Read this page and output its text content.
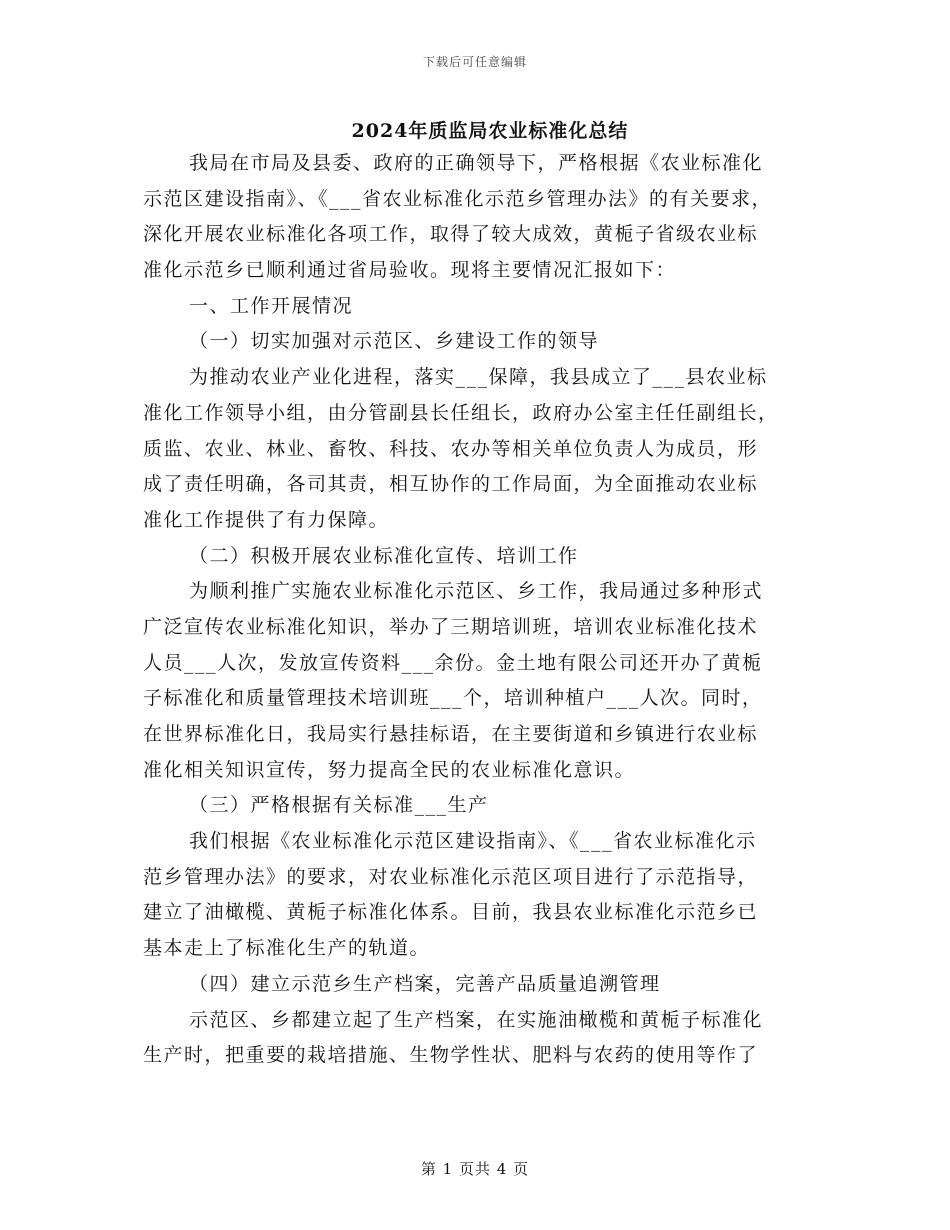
下载后可任意编辑
2024年质监局农业标准化总结
我局在市局及县委、政府的正确领导下，严格根据《农业标准化
示范区建设指南》、《___省农业标准化示范乡管理办法》的有关要求，
深化开展农业标准化各项工作，取得了较大成效，黄栀子省级农业标
准化示范乡已顺利通过省局验收。现将主要情况汇报如下：
一、工作开展情况
（一）切实加强对示范区、乡建设工作的领导
为推动农业产业化进程，落实___保障，我县成立了___县农业标
准化工作领导小组，由分管副县长任组长，政府办公室主任任副组长，
质监、农业、林业、畜牧、科技、农办等相关单位负责人为成员，形
成了责任明确，各司其责，相互协作的工作局面，为全面推动农业标
准化工作提供了有力保障。
（二）积极开展农业标准化宣传、培训工作
为顺利推广实施农业标准化示范区、乡工作，我局通过多种形式
广泛宣传农业标准化知识，举办了三期培训班，培训农业标准化技术
人员___人次，发放宣传资料___余份。金土地有限公司还开办了黄栀
子标准化和质量管理技术培训班___个，培训种植户___人次。同时，
在世界标准化日，我局实行悬挂标语，在主要街道和乡镇进行农业标
准化相关知识宣传，努力提高全民的农业标准化意识。
（三）严格根据有关标准___生产
我们根据《农业标准化示范区建设指南》、《___省农业标准化示
范乡管理办法》的要求，对农业标准化示范区项目进行了示范指导，
建立了油橄榄、黄栀子标准化体系。目前，我县农业标准化示范乡已
基本走上了标准化生产的轨道。
（四）建立示范乡生产档案，完善产品质量追溯管理
示范区、乡都建立起了生产档案，在实施油橄榄和黄栀子标准化
生产时，把重要的栽培措施、生物学性状、肥料与农药的使用等作了
第 1 页共 4 页
